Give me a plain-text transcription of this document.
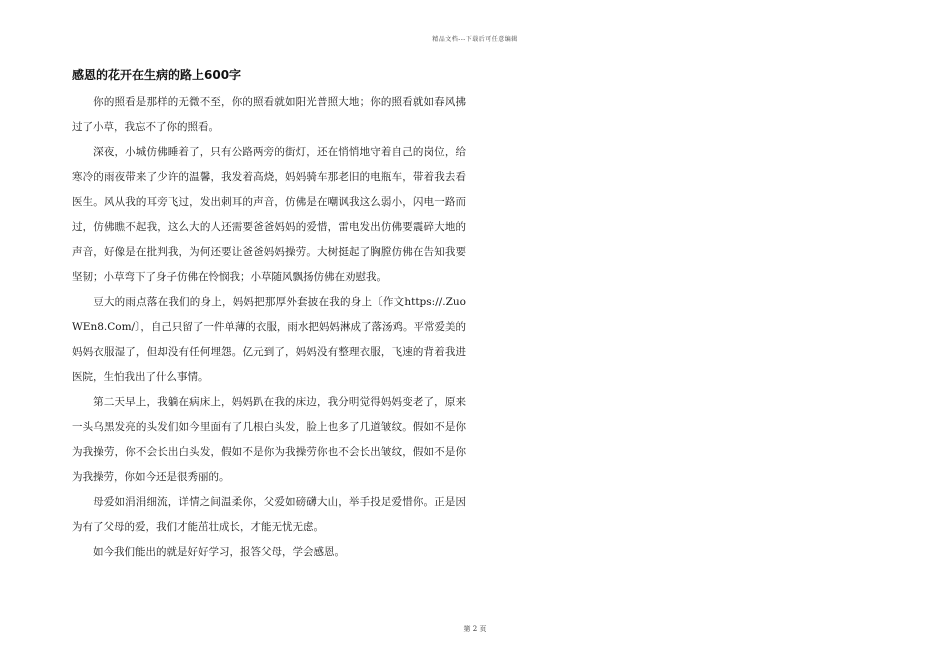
精品文档---下载后可任意编辑
感恩的花开在生病的路上600字

你的照看是那样的无微不至，你的照看就如阳光普照大地；你的照看就如春风拂过了小草，我忘不了你的照看。

深夜，小城仿佛睡着了，只有公路两旁的街灯，还在悄悄地守着自己的岗位，给寒冷的雨夜带来了少许的温馨，我发着高烧，妈妈骑车那老旧的电瓶车，带着我去看医生。风从我的耳旁飞过，发出刺耳的声音，仿佛是在嘲讽我这么弱小，闪电一路而过，仿佛瞧不起我，这么大的人还需要爸爸妈妈的爱惜，雷电发出仿佛要震碎大地的声音，好像是在批判我，为何还要让爸爸妈妈操劳。大树挺起了胸膛仿佛在告知我要坚韧；小草弯下了身子仿佛在怜悯我；小草随风飘扬仿佛在劝慰我。

豆大的雨点落在我们的身上，妈妈把那厚外套披在我的身上〔作文https://.ZuoWEn8.Com/〕，自己只留了一件单薄的衣服，雨水把妈妈淋成了落汤鸡。平常爱美的妈妈衣服湿了，但却没有任何埋怨。亿元到了，妈妈没有整理衣服，飞速的背着我进医院，生怕我出了什么事情。

第二天早上，我躺在病床上，妈妈趴在我的床边，我分明觉得妈妈变老了，原来一头乌黑发亮的头发们如今里面有了几根白头发，脸上也多了几道皱纹。假如不是你为我操劳，你不会长出白头发，假如不是你为我操劳你也不会长出皱纹，假如不是你为我操劳，你如今还是很秀丽的。

母爱如涓涓细流，详情之间温柔你，父爱如磅礴大山，举手投足爱惜你。正是因为有了父母的爱，我们才能茁壮成长，才能无忧无虑。

如今我们能出的就是好好学习，报答父母，学会感恩。

第 2 页
